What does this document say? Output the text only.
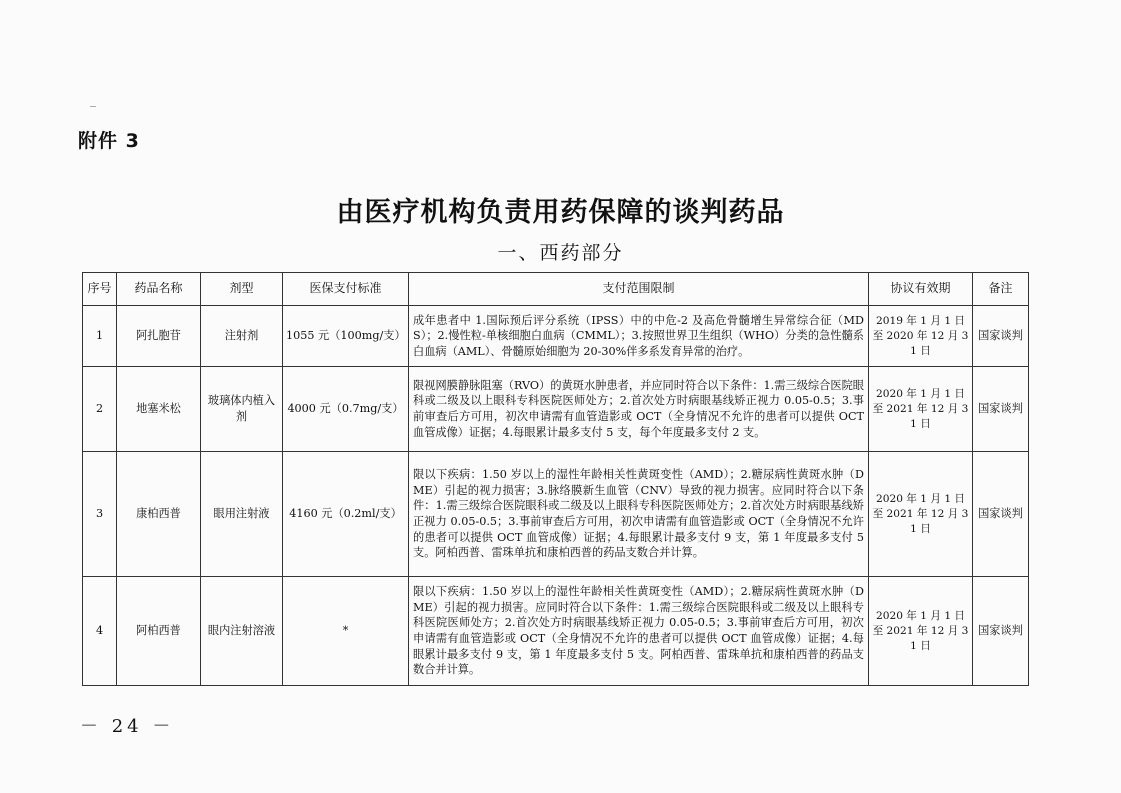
附件 3
由医疗机构负责用药保障的谈判药品
一、西药部分
序号	药品名称	剂型	医保支付标准	支付范围限制	协议有效期	备注
1	阿扎胞苷	注射剂	1055 元（100mg/支）	成年患者中 1.国际预后评分系统（IPSS）中的中危-2 及高危骨髓增生异常综合征（MDS）；2.慢性粒-单核细胞白血病（CMML）；3.按照世界卫生组织（WHO）分类的急性髓系白血病（AML）、骨髓原始细胞为 20-30%伴多系发育异常的治疗。	2019 年 1 月 1 日至 2020 年 12 月 31 日	国家谈判
2	地塞米松	玻璃体内植入剂	4000 元（0.7mg/支）	限视网膜静脉阻塞（RVO）的黄斑水肿患者，并应同时符合以下条件：1.需三级综合医院眼科或二级及以上眼科专科医院医师处方；2.首次处方时病眼基线矫正视力 0.05-0.5；3.事前审查后方可用，初次申请需有血管造影或 OCT（全身情况不允许的患者可以提供 OCT 血管成像）证据；4.每眼累计最多支付 5 支，每个年度最多支付 2 支。	2020 年 1 月 1 日至 2021 年 12 月 31 日	国家谈判
3	康柏西普	眼用注射液	4160 元（0.2ml/支）	限以下疾病：1.50 岁以上的湿性年龄相关性黄斑变性（AMD）；2.糖尿病性黄斑水肿（DME）引起的视力损害；3.脉络膜新生血管（CNV）导致的视力损害。应同时符合以下条件：1.需三级综合医院眼科或二级及以上眼科专科医院医师处方；2.首次处方时病眼基线矫正视力 0.05-0.5；3.事前审查后方可用，初次申请需有血管造影或 OCT（全身情况不允许的患者可以提供 OCT 血管成像）证据；4.每眼累计最多支付 9 支，第 1 年度最多支付 5 支。阿柏西普、雷珠单抗和康柏西普的药品支数合并计算。	2020 年 1 月 1 日至 2021 年 12 月 31 日	国家谈判
4	阿柏西普	眼内注射溶液	*	限以下疾病：1.50 岁以上的湿性年龄相关性黄斑变性（AMD）；2.糖尿病性黄斑水肿（DME）引起的视力损害。应同时符合以下条件：1.需三级综合医院眼科或二级及以上眼科专科医院医师处方；2.首次处方时病眼基线矫正视力 0.05-0.5；3.事前审查后方可用，初次申请需有血管造影或 OCT（全身情况不允许的患者可以提供 OCT 血管成像）证据；4.每眼累计最多支付 9 支，第 1 年度最多支付 5 支。阿柏西普、雷珠单抗和康柏西普的药品支数合并计算。	2020 年 1 月 1 日至 2021 年 12 月 31 日	国家谈判
－ 24 －
